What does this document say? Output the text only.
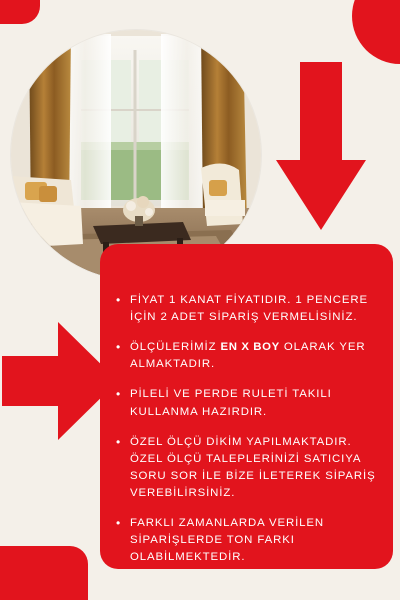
• FİYAT 1 KANAT FİYATIDIR. 1 PENCERE İÇİN 2 ADET SİPARİŞ VERMELİSİNİZ.
• ÖLÇÜLERİMİZ EN X BOY OLARAK YER ALMAKTADIR.
• PİLELİ VE PERDE RULETİ TAKILI KULLANMA HAZIRDIR.
• ÖZEL ÖLÇÜ DİKİM YAPILMAKTADIR. ÖZEL ÖLÇÜ TALEPLERİNİZİ SATICIYA SORU SOR İLE BİZE İLETEREK SİPARİŞ VEREBİLİRSİNİZ.
• FARKLI ZAMANLARDA VERİLEN SİPARİŞLERDE TON FARKI OLABİLMEKTEDİR.
